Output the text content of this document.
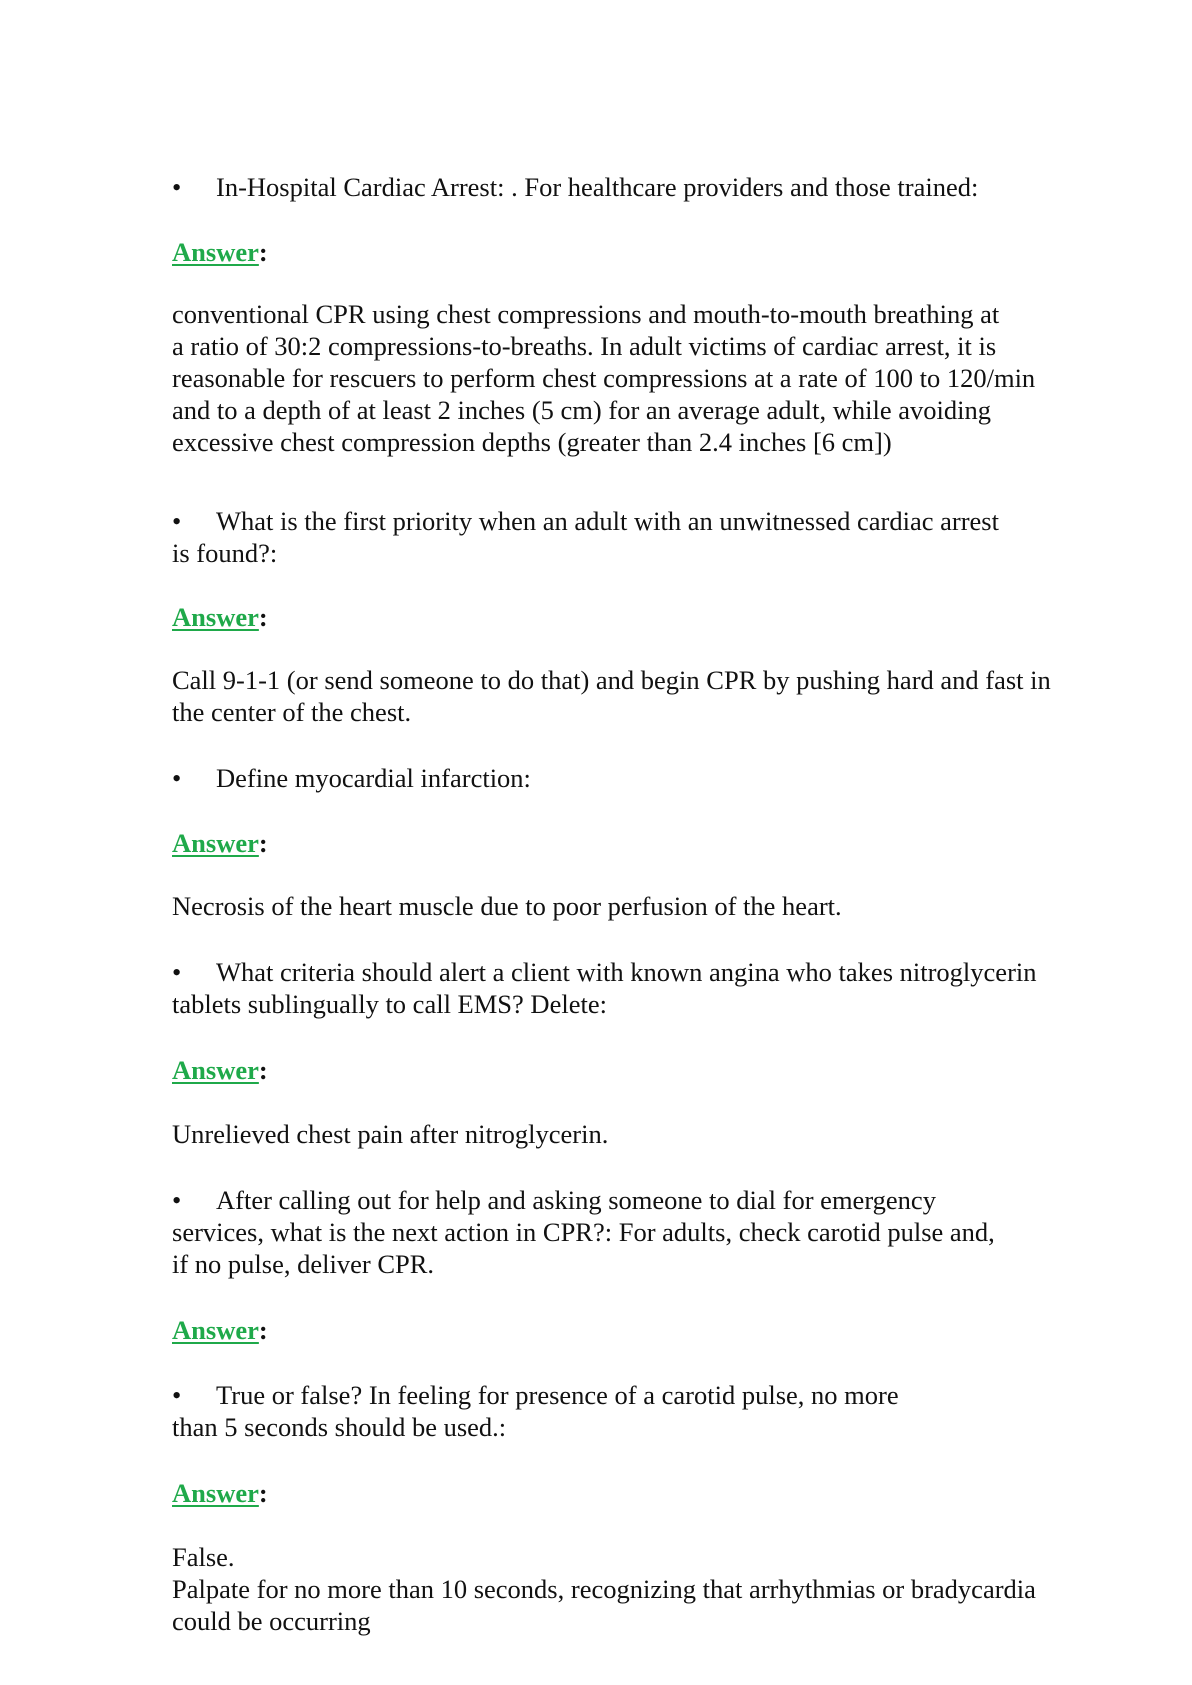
• In-Hospital Cardiac Arrest: . For healthcare providers and those trained:

Answer:

conventional CPR using chest compressions and mouth-to-mouth breathing at

a ratio of 30:2 compressions-to-breaths. In adult victims of cardiac arrest, it is

reasonable for rescuers to perform chest compressions at a rate of 100 to 120/min

and to a depth of at least 2 inches (5 cm) for an average adult, while avoiding

excessive chest compression depths (greater than 2.4 inches [6 cm])

• What is the first priority when an adult with an unwitnessed cardiac arrest

is found?:

Answer:

Call 9-1-1 (or send someone to do that) and begin CPR by pushing hard and fast in

the center of the chest.

• Define myocardial infarction:

Answer:

Necrosis of the heart muscle due to poor perfusion of the heart.

• What criteria should alert a client with known angina who takes nitroglycerin

tablets sublingually to call EMS? Delete:

Answer:

Unrelieved chest pain after nitroglycerin.

• After calling out for help and asking someone to dial for emergency

services, what is the next action in CPR?: For adults, check carotid pulse and,

if no pulse, deliver CPR.

Answer:

• True or false? In feeling for presence of a carotid pulse, no more

than 5 seconds should be used.:

Answer:

False.

Palpate for no more than 10 seconds, recognizing that arrhythmias or bradycardia

could be occurring
